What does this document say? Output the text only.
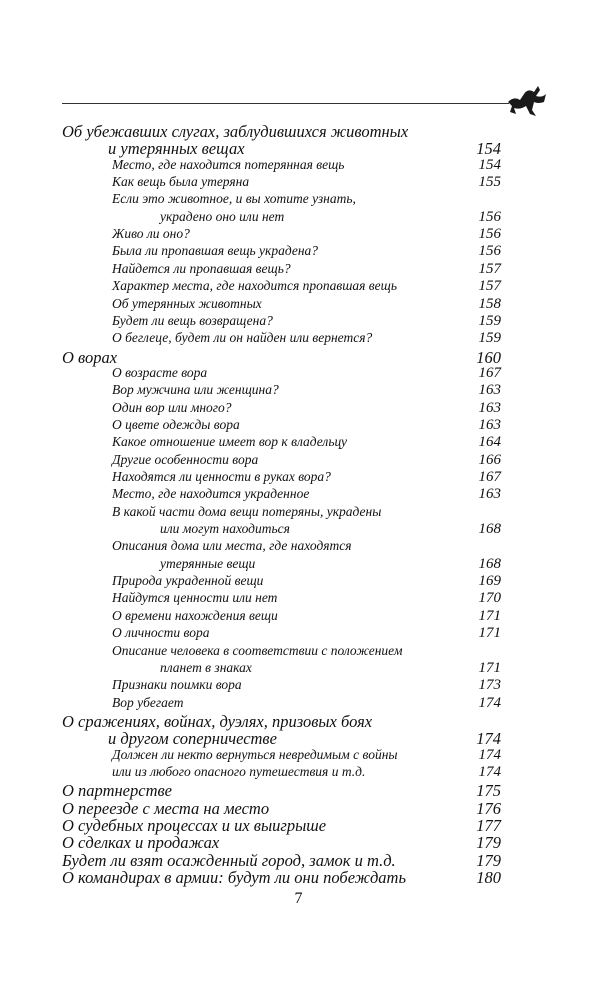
Об убежавших слугах, заблудившихся животных
и утерянных вещах	154
Место, где находится потерянная вещь	154
Как вещь была утеряна	155
Если это животное, и вы хотите узнать,
украдено оно или нет	156
Живо ли оно?	156
Была ли пропавшая вещь украдена?	156
Найдется ли пропавшая вещь?	157
Характер места, где находится пропавшая вещь	157
Об утерянных животных	158
Будет ли вещь возвращена?	159
О беглеце, будет ли он найден или вернется?	159
О ворах	160
О возрасте вора	167
Вор мужчина или женщина?	163
Один вор или много?	163
О цвете одежды вора	163
Какое отношение имеет вор к владельцу	164
Другие особенности вора	166
Находятся ли ценности в руках вора?	167
Место, где находится украденное	163
В какой части дома вещи потеряны, украдены
или могут находиться	168
Описания дома или места, где находятся
утерянные вещи	168
Природа украденной вещи	169
Найдутся ценности или нет	170
О времени нахождения вещи	171
О личности вора	171
Описание человека в соответствии с положением
планет в знаках	171
Признаки поимки вора	173
Вор убегает	174
О сражениях, войнах, дуэлях, призовых боях
и другом соперничестве	174
Должен ли некто вернуться невредимым с войны	174
или из любого опасного путешествия и т.д.	174
О партнерстве	175
О переезде с места на место	176
О судебных процессах и их выигрыше	177
О сделках и продажах	179
Будет ли взят осажденный город, замок и т.д.	179
О командирах в армии: будут ли они побеждать	180
7
